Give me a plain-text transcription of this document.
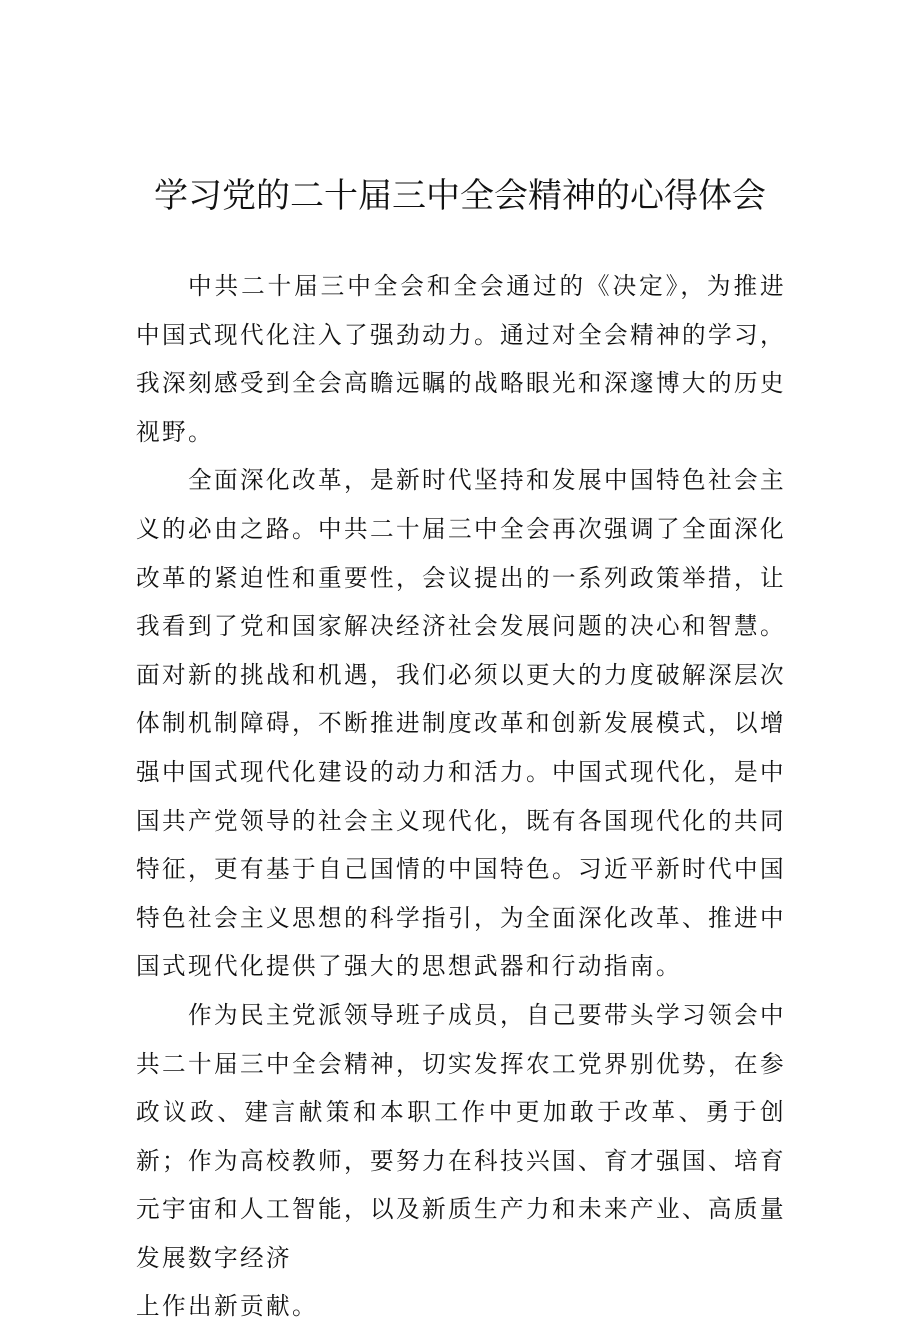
学习党的二十届三中全会精神的心得体会

中共二十届三中全会和全会通过的《决定》，为推进中国式现代化注入了强劲动力。通过对全会精神的学习，我深刻感受到全会高瞻远瞩的战略眼光和深邃博大的历史视野。

全面深化改革，是新时代坚持和发展中国特色社会主义的必由之路。中共二十届三中全会再次强调了全面深化改革的紧迫性和重要性，会议提出的一系列政策举措，让我看到了党和国家解决经济社会发展问题的决心和智慧。面对新的挑战和机遇，我们必须以更大的力度破解深层次体制机制障碍，不断推进制度改革和创新发展模式，以增强中国式现代化建设的动力和活力。中国式现代化，是中国共产党领导的社会主义现代化，既有各国现代化的共同特征，更有基于自己国情的中国特色。习近平新时代中国特色社会主义思想的科学指引，为全面深化改革、推进中国式现代化提供了强大的思想武器和行动指南。

作为民主党派领导班子成员，自己要带头学习领会中共二十届三中全会精神，切实发挥农工党界别优势，在参政议政、建言献策和本职工作中更加敢于改革、勇于创新；作为高校教师，要努力在科技兴国、育才强国、培育元宇宙和人工智能，以及新质生产力和未来产业、高质量发展数字经济

上作出新贡献。
